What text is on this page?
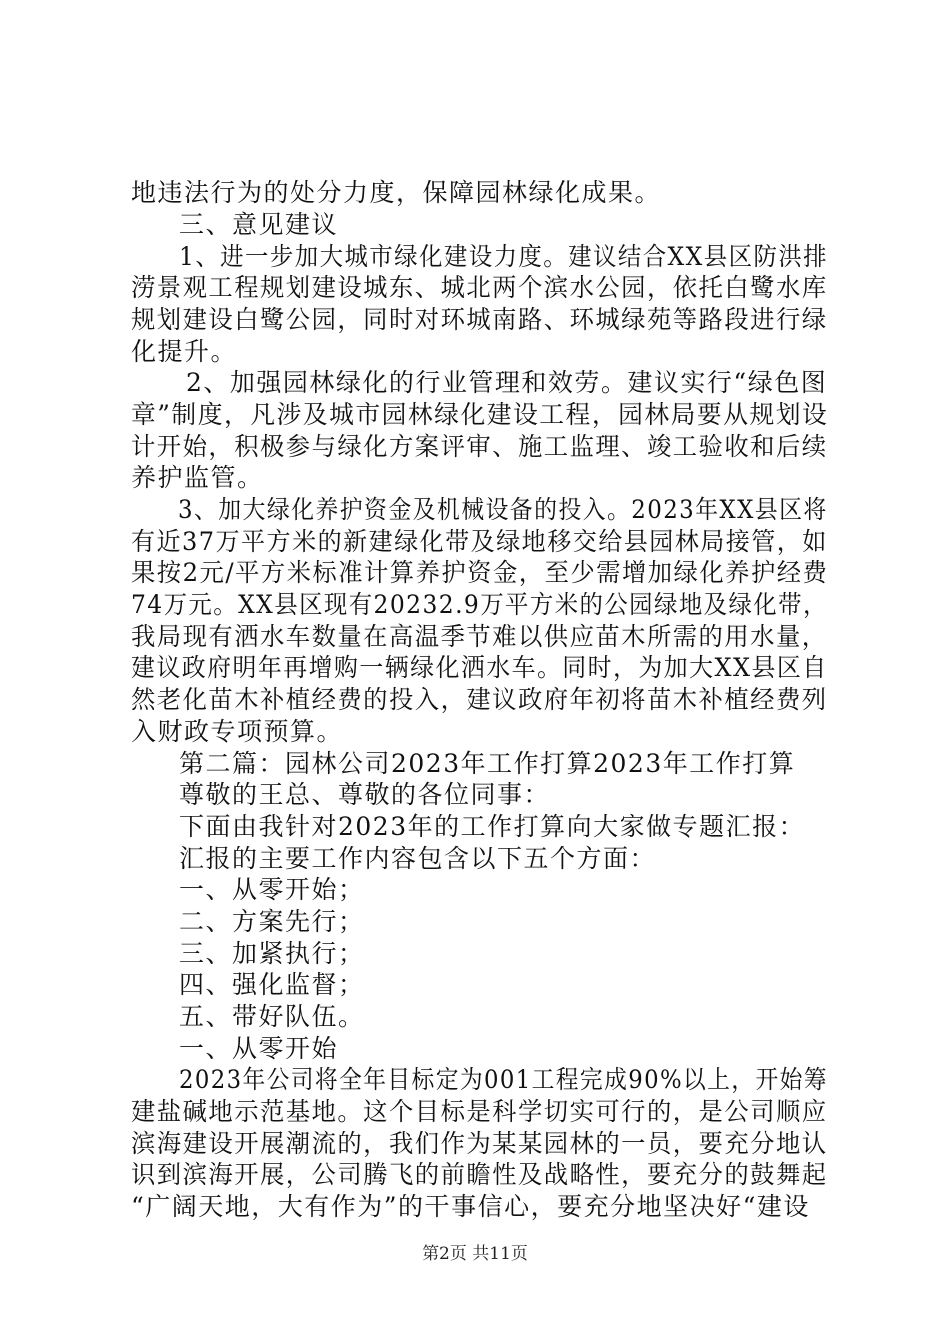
地违法行为的处分力度，保障园林绿化成果。
三、意见建议
1、进一步加大城市绿化建设力度。建议结合XX县区防洪排
涝景观工程规划建设城东、城北两个滨水公园，依托白鹭水库
规划建设白鹭公园，同时对环城南路、环城绿苑等路段进行绿
化提升。
2、加强园林绿化的行业管理和效劳。建议实行“绿色图
章”制度，凡涉及城市园林绿化建设工程，园林局要从规划设
计开始，积极参与绿化方案评审、施工监理、竣工验收和后续
养护监管。
3、加大绿化养护资金及机械设备的投入。2023年XX县区将
有近37万平方米的新建绿化带及绿地移交给县园林局接管，如
果按2元/平方米标准计算养护资金，至少需增加绿化养护经费
74万元。XX县区现有20232.9万平方米的公园绿地及绿化带，
我局现有洒水车数量在高温季节难以供应苗木所需的用水量，
建议政府明年再增购一辆绿化洒水车。同时，为加大XX县区自
然老化苗木补植经费的投入，建议政府年初将苗木补植经费列
入财政专项预算。
第二篇：园林公司2023年工作打算2023年工作打算
尊敬的王总、尊敬的各位同事：
下面由我针对2023年的工作打算向大家做专题汇报：
汇报的主要工作内容包含以下五个方面：
一、从零开始；
二、方案先行；
三、加紧执行；
四、强化监督；
五、带好队伍。
一、从零开始
2023年公司将全年目标定为001工程完成90%以上，开始筹
建盐碱地示范基地。这个目标是科学切实可行的，是公司顺应
滨海建设开展潮流的，我们作为某某园林的一员，要充分地认
识到滨海开展，公司腾飞的前瞻性及战略性，要充分的鼓舞起
“广阔天地，大有作为”的干事信心，要充分地坚决好“建设
第2页 共11页
